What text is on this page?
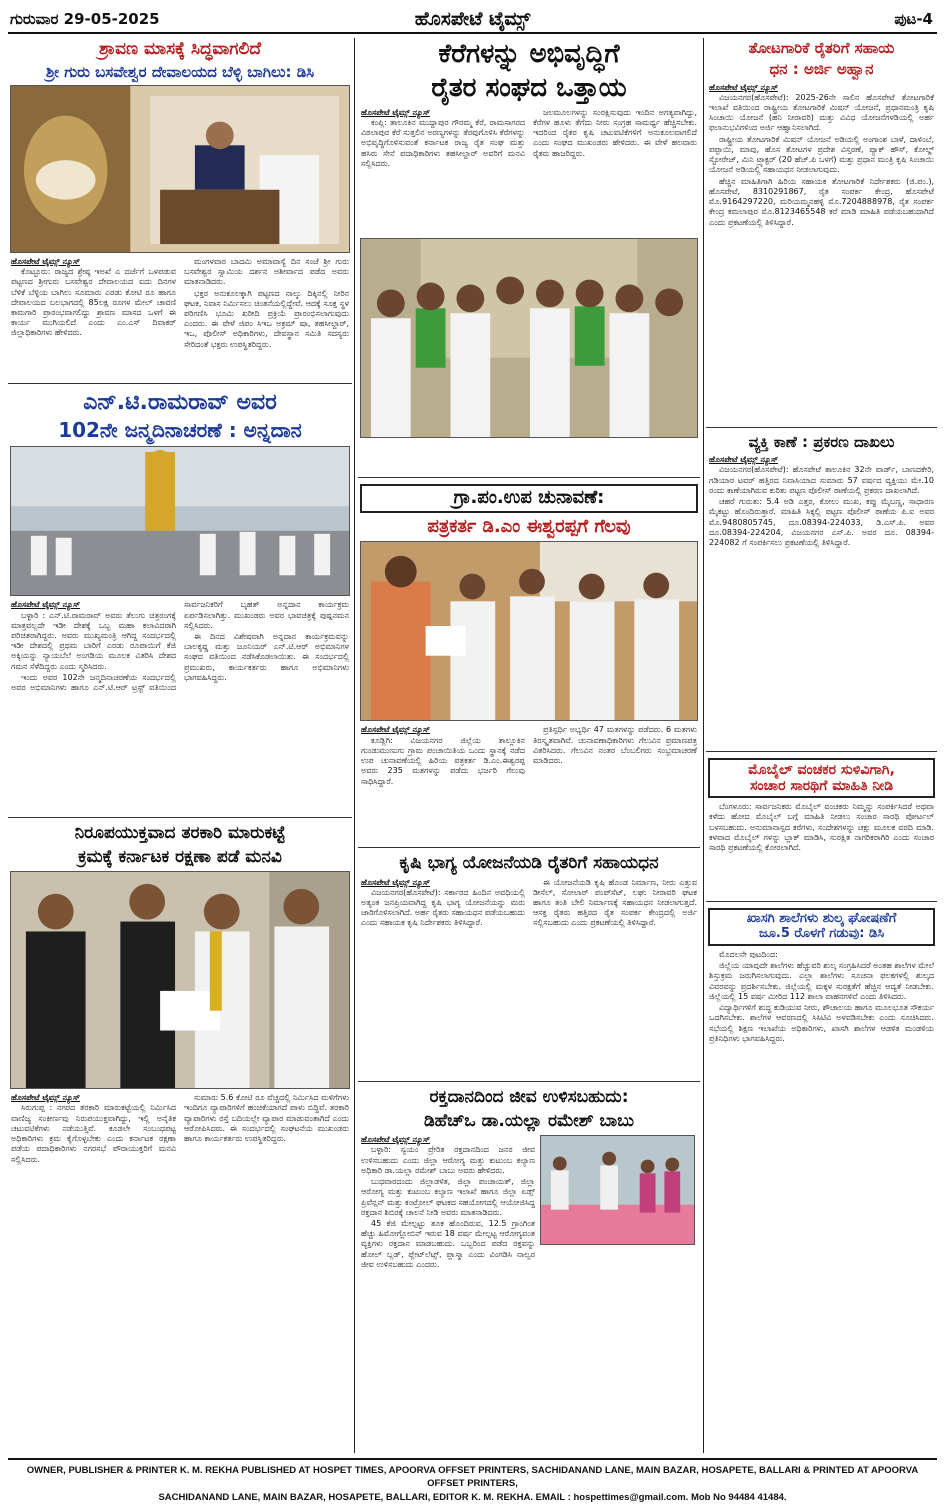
ಗುರುವಾರ 29-05-2025	ಹೊಸಪೇಟೆ ಟೈಮ್ಸ್	ಪುಟ-4
ಶ್ರಾವಣ ಮಾಸಕ್ಕೆ ಸಿದ್ಧವಾಗಲಿದೆ
ಶ್ರೀ ಗುರು ಬಸವೇಶ್ವರ ದೇವಾಲಯದ ಬೆಳ್ಳಿ ಬಾಗಿಲು: ಡಿಸಿ
ಹೊಸಪೇಟೆ ಟೈಮ್ಸ್ ನ್ಯೂಸ್

ಕೊಟ್ಟೂರು: ರಾಜ್ಯದ ಶ್ರೇಷ್ಠ ಇಅಖೆ ಎ ದರ್ಜೆಗೆ ಒಳಪಡುವ ಪಟ್ಟಣದ ಶ್ರೀಗುರು ಬಸವೇಶ್ವರ ದೇವಾಲಯದ ಐದು ದಿನಗಳ ಬೆಳಿಕೆ ಬೆಳ್ಳಿಯ ಬಾಗಿಲು ಸೂಮಾರು ಎರಡು ಕೋಟಿ ರೂ ಹಾಗೂ ದೇವಾಲಯದ ಬಲಭಾಗದಲ್ಲಿ 85ಲಕ್ಷ ರೂಗಳ ಮೇಲ್ ಚಾವಣಿ ಕಾಮಗಾರಿ ಪ್ರಾರಂಭವಾಗಲಿದ್ದು ಶ್ರಾವಣ ಮಾಸದ ಒಳಗೆ ಈ ಕಾರ್ಯ ಮುಗಿಯಲಿದೆ ಎಂದು ಎಂ.ಎಸ್ ದಿವಾಕರ್ ಜಿಲ್ಲಾಧಿಕಾರಿಗಳು ಹೇಳಿದರು.

ಮಂಗಳವಾರ ಬಾದಮಿ ಅಮಾವಾಸ್ಯೆ ದಿನ ಸಂಜೆ ಶ್ರೀ ಗುರು ಬಸವೇಶ್ವರ ಸ್ವಾಮಿಯ ದರ್ಶನ ಅಶೀರ್ವಾದ ಪಡೆದ ಅವರು ಮಾತನಾಡಿದರು.

ಭಕ್ತರ ಅನುಕೂಲಕ್ಕಾಗಿ ಪಟ್ಟಣದ ನಾಲ್ಕು ದಿಕ್ಕಿನಲ್ಲಿ ನೀರಿನ ಘಟಕ, ನಿವಾಸ ನಿರ್ಮಿಸಲು ಚಿಂತನೆಯಲ್ಲಿದ್ದೇವೆ. ಆದಕ್ಕೆ ಸೂಕ್ತ ಸ್ಥಳ ಪರಿಗಣಿಸಿ ಭೂಮಿ ಖರೀದಿ ಪ್ರಕ್ರಿಯೆ ಪ್ರಾರಂಭಿಸಲಾಗುವುದು ಎಂದರು. ಈ ವೇಳೆ ಜಿಪಂ ಸಿಇಒ ಅಕ್ರಮ್ ಷಾ, ತಹಸೀಲ್ದಾರ್, ಇಒ, ಪೊಲೀಸ್ ಅಧಿಕಾರಿಗಳು, ದೇವಸ್ಥಾನ ಸಮಿತಿ ಸದಸ್ಯರು ಸೇರಿದಂತೆ ಭಕ್ತರು ಉಪಸ್ಥಿತರಿದ್ದರು.

ಎನ್.ಟಿ.ರಾಮರಾವ್ ಅವರ
102ನೇ ಜನ್ಮದಿನಾಚರಣೆ : ಅನ್ನದಾನ
ಹೊಸಪೇಟೆ ಟೈಮ್ಸ್ ನ್ಯೂಸ್

ಬಳ್ಳಾರಿ : ಎನ್.ಟಿ.ರಾಮರಾವ್ ಅವರು ತೆಲುಗು ಚಿತ್ರರಂಗಕ್ಕೆ ಮಾತ್ರವಲ್ಲದೇ ಇಡೀ ದೇಶಕ್ಕೆ ಒಬ್ಬ ಮಹಾ ಕಲಾವಿದರಾಗಿ ಪರಿಚಿತರಾಗಿದ್ದರು. ಅವರು ಮುಖ್ಯಮಂತ್ರಿ ಆಗಿದ್ದ ಸಂದರ್ಭದಲ್ಲಿ ಇಡೀ ದೇಶದಲ್ಲಿ ಪ್ರಥಮ ಬಾರಿಗೆ ಎರಡು ರೂಪಾಯಿಗೆ ಕೆಜಿ ಅಕ್ಕಿಯನ್ನು ನ್ಯಾಯಬೆಲೆ ಅಂಗಡಿಯ ಮೂಲಕ ವಿತರಿಸಿ ದೇಶದ ಗಮನ ಸೆಳೆದಿದ್ದರು ಎಂದು ಸ್ಮರಿಸಿದರು.

ಇಂದು ಅವರ 102ನೇ ಜನ್ಮದಿನಾಚರಣೆಯ ಸಂದರ್ಭದಲ್ಲಿ ಅವರ ಅಭಿಮಾನಿಗಳು ಹಾಗೂ ಎನ್.ಟಿ.ಆರ್ ಟ್ರಸ್ಟ್ ವತಿಯಿಂದ ಸಾರ್ವಜನಿಕರಿಗೆ ಬೃಹತ್ ಅನ್ನದಾನ ಕಾರ್ಯಕ್ರಮ ಏರ್ಪಡಿಸಲಾಗಿತ್ತು. ಮುಖಂಡರು ಅವರ ಭಾವಚಿತ್ರಕ್ಕೆ ಪುಷ್ಪನಮನ ಸಲ್ಲಿಸಿದರು.

ಈ ದಿನದ ವಿಶೇಷವಾಗಿ ಅನ್ನದಾನ ಕಾರ್ಯಕ್ರಮವನ್ನು ಬಾಲಕೃಷ್ಣ ಮತ್ತು ಜೂನಿಯರ್ ಎನ್.ಟಿ.ಆರ್ ಅಭಿಮಾನಿಗಳ ಸಂಘದ ವತಿಯಿಂದ ನಡೆಸಿಕೊಡಲಾಯಿತು. ಈ ಸಂದರ್ಭದಲ್ಲಿ ಪ್ರಮುಖರು, ಕಾರ್ಯಕರ್ತರು ಹಾಗೂ ಅಭಿಮಾನಿಗಳು ಭಾಗವಹಿಸಿದ್ದರು.

ನಿರೂಪಯುಕ್ತವಾದ ತರಕಾರಿ ಮಾರುಕಟ್ಟೆ
ಕ್ರಮಕ್ಕೆ ಕರ್ನಾಟಕ ರಕ್ಷಣಾ ಪಡೆ ಮನವಿ
ಹೊಸಪೇಟೆ ಟೈಮ್ಸ್ ನ್ಯೂಸ್

ಸಿರುಗುಪ್ಪ : ನಗರದ ತರಕಾರಿ ಮಾರುಕಟ್ಟೆಯಲ್ಲಿ ನಿರ್ಮಿಸಿದ ವಾಣಿಜ್ಯ ಸಂಕೀರ್ಣವು ನಿರುಪಯುಕ್ತವಾಗಿದ್ದು, ಇಲ್ಲಿ ಅನೈತಿಕ ಚಟುವಟಿಕೆಗಳು ನಡೆಯುತ್ತಿವೆ. ಕೂಡಲೇ ಸಂಬಂಧಪಟ್ಟ ಅಧಿಕಾರಿಗಳು ಕ್ರಮ ಕೈಗೊಳ್ಳಬೇಕು ಎಂದು ಕರ್ನಾಟಕ ರಕ್ಷಣಾ ಪಡೆಯ ಪದಾಧಿಕಾರಿಗಳು ನಗರಸಭೆ ಪೌರಾಯುಕ್ತರಿಗೆ ಮನವಿ ಸಲ್ಲಿಸಿದರು.

ಸುಮಾರು 5.6 ಕೋಟಿ ರೂ ವೆಚ್ಚದಲ್ಲಿ ನಿರ್ಮಿಸಿದ ಮಳಿಗೆಗಳು ಇಂದಿಗೂ ವ್ಯಾಪಾರಿಗಳಿಗೆ ಹಂಚಿಕೆಯಾಗದೆ ಪಾಳು ಬಿದ್ದಿವೆ. ತರಕಾರಿ ವ್ಯಾಪಾರಿಗಳು ರಸ್ತೆ ಬದಿಯಲ್ಲೇ ವ್ಯಾಪಾರ ಮಾಡುವಂತಾಗಿದೆ ಎಂದು ಆರೋಪಿಸಿದರು. ಈ ಸಂದರ್ಭದಲ್ಲಿ ಸಂಘಟನೆಯ ಮುಖಂಡರು ಹಾಗೂ ಕಾರ್ಯಕರ್ತರು ಉಪಸ್ಥಿತರಿದ್ದರು.

ಕೆರೆಗಳನ್ನು ಅಭಿವೃದ್ಧಿಗೆ
ರೈತರ ಸಂಘದ ಒತ್ತಾಯ
ಹೊಸಪೇಟೆ ಟೈಮ್ಸ್ ನ್ಯೂಸ್

ಕಂಪ್ಲಿ: ತಾಲೂಕಿನ ಮುದ್ದಾಪುರ ಗೌರಮ್ಮ ಕೆರೆ, ರಾಮಸಾಗರದ ವಿಠಲಾಪುರ ಕೆರೆ ಸುತ್ತಲಿನ ಅರಣ್ಯಗಳನ್ನು ತೆರವುಗೊಳಿಸಿ ಕೆರೆಗಳನ್ನು ಅಭಿವೃದ್ಧಿಗೊಳಿಸುವಂತೆ ಕರ್ನಾಟಕ ರಾಜ್ಯ ರೈತ ಸಂಘ ಮತ್ತು ಹಸಿರು ಸೇನೆ ಪದಾಧಿಕಾರಿಗಳು ತಹಸೀಲ್ದಾರ್ ಅವರಿಗೆ ಮನವಿ ಸಲ್ಲಿಸಿದರು.

ಜಲಮೂಲಗಳನ್ನು ಸಂರಕ್ಷಿಸುವುದು ಇಂದಿನ ಅಗತ್ಯವಾಗಿದ್ದು, ಕೆರೆಗಳ ಹೂಳು ತೆಗೆದು ನೀರು ಸಂಗ್ರಹ ಸಾಮರ್ಥ್ಯ ಹೆಚ್ಚಿಸಬೇಕು. ಇದರಿಂದ ರೈತರ ಕೃಷಿ ಚಟುವಟಿಕೆಗಳಿಗೆ ಅನುಕೂಲವಾಗಲಿದೆ ಎಂದು ಸಂಘದ ಮುಖಂಡರು ಹೇಳಿದರು. ಈ ವೇಳೆ ಹಲವಾರು ರೈತರು ಹಾಜರಿದ್ದರು.

ಗ್ರಾ.ಪಂ.ಉಪ ಚುನಾವಣೆ:
ಪತ್ರಕರ್ತ ಡಿ.ಎಂ ಈಶ್ವರಪ್ಪಗೆ ಗೆಲವು
ಹೊಸಪೇಟೆ ಟೈಮ್ಸ್ ನ್ಯೂಸ್

ಕೂಡ್ಲಿಗಿ: ವಿಜಯನಗರ ಜಿಲ್ಲೆಯ ತಾಲ್ಲೂಕಿನ ಗುಂಡುಮುಣುಗು ಗ್ರಾಮ ಪಂಚಾಯಿತಿಯ ಒಂದು ಸ್ಥಾನಕ್ಕೆ ನಡೆದ ಉಪ ಚುನಾವಣೆಯಲ್ಲಿ ಹಿರಿಯ ಪತ್ರಕರ್ತ ಡಿ.ಎಂ.ಈಶ್ವರಪ್ಪ ಅವರು 235 ಮತಗಳನ್ನು ಪಡೆದು ಭರ್ಜರಿ ಗೆಲುವು ಸಾಧಿಸಿದ್ದಾರೆ.

ಪ್ರತಿಸ್ಪರ್ಧಿ ಅಭ್ಯರ್ಥಿ 47 ಮತಗಳನ್ನು ಪಡೆದರು. 6 ಮತಗಳು ತಿರಸ್ಕೃತವಾಗಿವೆ. ಚುನಾವಣಾಧಿಕಾರಿಗಳು ಗೆಲುವಿನ ಪ್ರಮಾಣಪತ್ರ ವಿತರಿಸಿದರು. ಗೆಲುವಿನ ನಂತರ ಬೆಂಬಲಿಗರು ಸಂಭ್ರಮಾಚರಣೆ ಮಾಡಿದರು.

ಕೃಷಿ ಭಾಗ್ಯ ಯೋಜನೆಯಡಿ ರೈತರಿಗೆ ಸಹಾಯಧನ
ಹೊಸಪೇಟೆ ಟೈಮ್ಸ್ ನ್ಯೂಸ್

ವಿಜಯನಗರ(ಹೊಸಪೇಟೆ): ಸರ್ಕಾರದ ಹಿಂದಿನ ಅವಧಿಯಲ್ಲಿ ಅತ್ಯಂತ ಜನಪ್ರಿಯವಾಗಿದ್ದ ಕೃಷಿ ಭಾಗ್ಯ ಯೋಜನೆಯನ್ನು ಮರು ಜಾರಿಗೊಳಿಸಲಾಗಿದೆ. ಅರ್ಹ ರೈತರು ಸಹಾಯಧನ ಪಡೆಯಬಹುದು ಎಂದು ಸಹಾಯಕ ಕೃಷಿ ನಿರ್ದೇಶಕರು ತಿಳಿಸಿದ್ದಾರೆ.

ಈ ಯೋಜನೆಯಡಿ ಕೃಷಿ ಹೊಂಡ ನಿರ್ಮಾಣ, ನೀರು ಎತ್ತುವ ಡೀಸೆಲ್, ಸೋಲಾರ್ ಪಂಪ್‌ಸೆಟ್, ಲಘು ನೀರಾವರಿ ಘಟಕ ಹಾಗೂ ತಂತಿ ಬೇಲಿ ನಿರ್ಮಾಣಕ್ಕೆ ಸಹಾಯಧನ ನೀಡಲಾಗುತ್ತದೆ. ಆಸಕ್ತ ರೈತರು ಹತ್ತಿರದ ರೈತ ಸಂಪರ್ಕ ಕೇಂದ್ರದಲ್ಲಿ ಅರ್ಜಿ ಸಲ್ಲಿಸಬಹುದು ಎಂದು ಪ್ರಕಟಣೆಯಲ್ಲಿ ತಿಳಿಸಿದ್ದಾರೆ.

ರಕ್ತದಾನದಿಂದ ಜೀವ ಉಳಿಸಬಹುದು:
ಡಿಹೆಚ್ಒ ಡಾ.ಯಲ್ಲಾ ರಮೇಶ್ ಬಾಬು
ಹೊಸಪೇಟೆ ಟೈಮ್ಸ್ ನ್ಯೂಸ್

ಬಳ್ಳಾರಿ: ಸ್ವಯಂ ಪ್ರೇರಿತ ರಕ್ತದಾನದಿಂದ ಜನರ ಜೀವ ಉಳಿಸಬಹುದು ಎಂದು ಜಿಲ್ಲಾ ಆರೋಗ್ಯ ಮತ್ತು ಕುಟುಂಬ ಕಲ್ಯಾಣ ಅಧಿಕಾರಿ ಡಾ.ಯಲ್ಲಾ ರಮೇಶ್ ಬಾಬು ಅವರು ಹೇಳಿದರು.

ಬುಧವಾರದಂದು ಜಿಲ್ಲಾಡಳಿತ, ಜಿಲ್ಲಾ ಪಂಚಾಯತ್, ಜಿಲ್ಲಾ ಆರೋಗ್ಯ ಮತ್ತು ಕುಟುಂಬ ಕಲ್ಯಾಣ ಇಲಾಖೆ ಹಾಗೂ ಜಿಲ್ಲಾ ಏಡ್ಸ್ ಪ್ರಿವೆನ್ಷನ್ ಮತ್ತು ಕಂಟ್ರೋಲ್ ಘಟಕದ ಸಹಯೋಗದಲ್ಲಿ ಆಯೋಜಿಸಿದ್ದ ರಕ್ತದಾನ ಶಿಬಿರಕ್ಕೆ ಚಾಲನೆ ನೀಡಿ ಅವರು ಮಾತನಾಡಿದರು.

45 ಕೆಜಿ ಮೇಲ್ಪಟ್ಟು ತೂಕ ಹೊಂದಿರುವ, 12.5 ಗ್ರಾಂಗಿಂತ ಹೆಚ್ಚು ಹಿಮೋಗ್ಲೋಬಿನ್ ಇರುವ 18 ವರ್ಷ ಮೇಲ್ಪಟ್ಟ ಆರೋಗ್ಯವಂತ ವ್ಯಕ್ತಿಗಳು ರಕ್ತದಾನ ಮಾಡಬಹುದು. ಒಬ್ಬರಿಂದ ಪಡೆದ ರಕ್ತವನ್ನು ಹೋಲ್ ಬ್ಲಡ್, ಪ್ಲೇಟ್‌ಲೆಟ್ಸ್, ಪ್ಲಾಸ್ಮಾ ಎಂದು ವಿಂಗಡಿಸಿ ನಾಲ್ವರ ಜೀವ ಉಳಿಸಬಹುದು ಎಂದರು.

ತೋಟಗಾರಿಕೆ ರೈತರಿಗೆ ಸಹಾಯ
ಧನ : ಅರ್ಜಿ ಅಹ್ವಾನ
ಹೊಸಪೇಟೆ ಟೈಮ್ಸ್ ನ್ಯೂಸ್

ವಿಜಯನಗರ(ಹೊಸಪೇಟೆ): 2025-26ನೇ ಸಾಲಿನ ಹೊಸಪೇಟೆ ತೋಟಗಾರಿಕೆ ಇಲಾಖೆ ವತಿಯಿಂದ ರಾಷ್ಟ್ರೀಯ ತೋಟಗಾರಿಕೆ ಮಿಷನ್ ಯೋಜನೆ, ಪ್ರಧಾನಮಂತ್ರಿ ಕೃಷಿ ಸಿಂಚಾಯಿ ಯೋಜನೆ (ಹನಿ ನೀರಾವರಿ) ಮತ್ತು ವಿವಿಧ ಯೋಜನೆಗಳಡಿಯಲ್ಲಿ ಅರ್ಹ ಫಲಾನುಭವಿಗಳಿಂದ ಅರ್ಜಿ ಆಹ್ವಾನಿಸಲಾಗಿದೆ.

ರಾಷ್ಟ್ರೀಯ ತೋಟಗಾರಿಕೆ ಮಿಷನ್ ಯೋಜನೆ ಅಡಿಯಲ್ಲಿ ಅಂಗಾಂಶ ಬಾಳೆ, ದಾಳಿಂಬೆ, ಪಪ್ಪಾಯಿ, ಮಾವು, ಹೊಸ ತೋಟಗಳ ಪ್ರದೇಶ ವಿಸ್ತರಣೆ, ಪ್ಯಾಕ್ ಹೌಸ್, ಕೋಲ್ಡ್ ಸ್ಟೋರೇಜ್, ಮಿನಿ ಟ್ರ್ಯಾಕ್ಟರ್ (20 ಹೆಚ್.ಪಿ ಒಳಗೆ) ಮತ್ತು ಪ್ರಧಾನ ಮಂತ್ರಿ ಕೃಷಿ ಸಿಂಚಾಯಿ ಯೋಜನೆ ಅಡಿಯಲ್ಲಿ ಸಹಾಯಧನ ನೀಡಲಾಗುವುದು.

ಹೆಚ್ಚಿನ ಮಾಹಿತಿಗಾಗಿ ಹಿರಿಯ ಸಹಾಯಕ ತೋಟಗಾರಿಕೆ ನಿರ್ದೇಶಕರು (ಜಿ.ಪಂ.), ಹೊಸಪೇಟೆ, 8310291867, ರೈತ ಸಂಪರ್ಕ ಕೇಂದ್ರ, ಹೊಸಪೇಟೆ ಮೊ.9164297220, ಮರಿಯಮ್ಮನಹಳ್ಳಿ ಮೊ.7204888978, ರೈತ ಸಂಪರ್ಕ ಕೇಂದ್ರ ಕಮಲಾಪುರ ಮೊ.8123465548 ಕರೆ ಮಾಡಿ ಮಾಹಿತಿ ಪಡೆಯಬಹುದಾಗಿದೆ ಎಂದು ಪ್ರಕಟಣೆಯಲ್ಲಿ ತಿಳಿಸಿದ್ದಾರೆ.

ವ್ಯಕ್ತಿ ಕಾಣೆ : ಪ್ರಕರಣ ದಾಖಲು
ಹೊಸಪೇಟೆ ಟೈಮ್ಸ್ ನ್ಯೂಸ್

ವಿಜಯನಗರ(ಹೊಸಪೇಟೆ): ಹೊಸಪೇಟೆ ತಾಲೂಕಿನ 32ನೇ ವಾರ್ಡ್, ಬಾಣದಕೇರಿ, ಗಡಿಯಾರ ಟವರ್ ಹತ್ತಿರದ ನಿವಾಸಿಯಾದ ಸುಮಾರು 57 ವರ್ಷದ ವ್ಯಕ್ತಿಯು ಮೇ.10 ರಂದು ಕಾಣೆಯಾಗಿರುವ ಕುರಿತು ಪಟ್ಟಣ ಪೊಲೀಸ್ ಠಾಣೆಯಲ್ಲಿ ಪ್ರಕರಣ ದಾಖಲಾಗಿದೆ.

ಚಹರೆ ಗುರುತು: 5.4 ಅಡಿ ಎತ್ತರ, ಕೋಲು ಮುಖ, ಕಪ್ಪು ಮೈಬಣ್ಣ, ಸಾಧಾರಣ ಮೈಕಟ್ಟು ಹೊಂದಿರುತ್ತಾರೆ. ಮಾಹಿತಿ ಸಿಕ್ಕಲ್ಲಿ ಪಟ್ಟಣ ಪೊಲೀಸ್ ಠಾಣೆಯ ಪಿ.ಐ ಅವರ ಮೊ.9480805745, ದೂ.08394-224033, ಡಿ.ಎಸ್.ಪಿ. ಅವರ ದೂ.08394-224204, ವಿಜಯನಗರ ಎಸ್.ಪಿ. ಅವರ ದೂ. 08394-224082 ಗೆ ಸಂಪರ್ಕಿಸಲು ಪ್ರಕಟಣೆಯಲ್ಲಿ ತಿಳಿಸಿದ್ದಾರೆ.

ಮೊಬೈಲ್ ವಂಚಕರ ಸುಳಿವಿಗಾಗಿ,
ಸಂಚಾರ ಸಾರಥಿಗೆ ಮಾಹಿತಿ ನೀಡಿ

ಬೆಂಗಳೂರು: ಸಾರ್ವಜನಿಕರು ಮೊಬೈಲ್ ವಂಚಕರು ನಿಮ್ಮನ್ನು ಸಂಪರ್ಕಿಸಿದರೆ ಅಥವಾ ಕಳೆದು ಹೋದ ಮೊಬೈಲ್ ಬಗ್ಗೆ ಮಾಹಿತಿ ನೀಡಲು ಸಂಚಾರ ಸಾರಥಿ ಪೋರ್ಟಲ್ ಬಳಸಬಹುದು. ಅನುಮಾನಾಸ್ಪದ ಕರೆಗಳು, ಸಂದೇಶಗಳನ್ನು ಚಕ್ಷು ಮೂಲಕ ವರದಿ ಮಾಡಿ. ಕಳವಾದ ಮೊಬೈಲ್ ಗಳನ್ನು ಬ್ಲಾಕ್ ಮಾಡಿಸಿ, ಸುರಕ್ಷಿತ ನಾಗರಿಕರಾಗಿರಿ ಎಂದು ಸಂಚಾರ ಸಾರಥಿ ಪ್ರಕಟಣೆಯಲ್ಲಿ ಕೋರಲಾಗಿದೆ.

ಖಾಸಗಿ ಶಾಲೆಗಳು ಶುಲ್ಕ ಘೋಷಣೆಗೆ
ಜೂ.5 ರೊಳಗೆ ಗಡುವು: ಡಿಸಿ

ಮೊದಲನೇ ಪುಟದಿಂದ:

ಜಿಲ್ಲೆಯ ಯಾವುದೇ ಶಾಲೆಗಳು ಹೆಚ್ಚುವರಿ ಶುಲ್ಕ ಸಂಗ್ರಹಿಸಿದರೆ ಅಂತಹ ಶಾಲೆಗಳ ಮೇಲೆ ಶಿಸ್ತುಕ್ರಮ ಜರುಗಿಸಲಾಗುವುದು. ಎಲ್ಲಾ ಶಾಲೆಗಳು ಸೂಚನಾ ಫಲಕಗಳಲ್ಲಿ ಶುಲ್ಕದ ವಿವರವನ್ನು ಪ್ರದರ್ಶಿಸಬೇಕು. ಜಿಲ್ಲೆಯಲ್ಲಿ ಮಕ್ಕಳ ಸುರಕ್ಷತೆಗೆ ಹೆಚ್ಚಿನ ಆದ್ಯತೆ ನೀಡಬೇಕು. ಜಿಲ್ಲೆಯಲ್ಲಿ 15 ವರ್ಷ ಮೀರಿದ 112 ಶಾಲಾ ವಾಹನಗಳಿವೆ ಎಂದು ತಿಳಿಸಿದರು.

ವಿದ್ಯಾರ್ಥಿಗಳಿಗೆ ಶುದ್ಧ ಕುಡಿಯುವ ನೀರು, ಶೌಚಾಲಯ ಹಾಗೂ ಮೂಲಭೂತ ಸೌಕರ್ಯ ಒದಗಿಸಬೇಕು. ಶಾಲೆಗಳ ಆವರಣದಲ್ಲಿ ಸಿಸಿಟಿವಿ ಅಳವಡಿಸಬೇಕು ಎಂದು ಸೂಚಿಸಿದರು. ಸಭೆಯಲ್ಲಿ ಶಿಕ್ಷಣ ಇಲಾಖೆಯ ಅಧಿಕಾರಿಗಳು, ಖಾಸಗಿ ಶಾಲೆಗಳ ಆಡಳಿತ ಮಂಡಳಿಯ ಪ್ರತಿನಿಧಿಗಳು ಭಾಗವಹಿಸಿದ್ದರು.

OWNER, PUBLISHER & PRINTER K. M. REKHA PUBLISHED AT HOSPET TIMES, APOORVA OFFSET PRINTERS, SACHIDANAND LANE, MAIN BAZAR, HOSAPETE, BALLARI & PRINTED AT APOORVA OFFSET PRINTERS,
SACHIDANAND LANE, MAIN BAZAR, HOSAPETE, BALLARI, EDITOR K. M. REKHA. EMAIL : hospettimes@gmail.com. Mob No 94484 41484.
